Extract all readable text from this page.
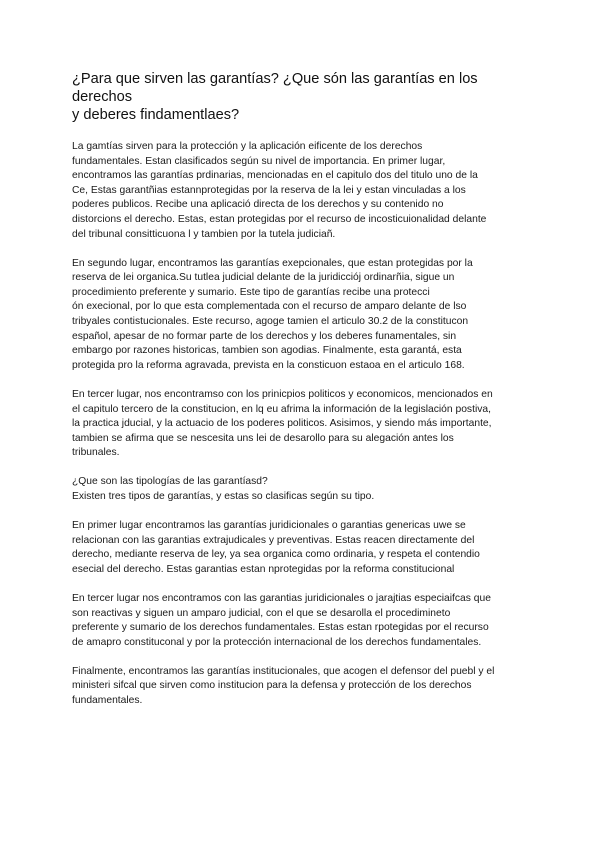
¿Para que sirven las garantías? ¿Que són las garantías en los derechos
y deberes findamentlaes?

La gamtías sirven para la protección y la aplicación eificente de los derechos
fundamentales. Estan clasificados según su nivel de importancia. En primer lugar,
encontramos las garantías prdinarias, mencionadas en el capitulo dos del titulo uno de la
Ce, Estas garantñias estannprotegidas por la reserva de la lei y estan vinculadas a los
poderes publicos. Recibe una aplicació directa de los derechos y su contenido no
distorcions el derecho. Estas, estan protegidas por el recurso de incosticuionalidad delante
del tribunal consitticuona l y tambien por la tutela judiciañ.

En segundo lugar, encontramos las garantías exepcionales, que estan protegidas por la
reserva de lei organica.Su tutlea judicial delante de la juridicciój ordinarñia, sigue un
procedimiento preferente y sumario. Este tipo de garantías recibe una protecci
ón execional, por lo que esta complementada con el recurso de amparo delante de lso
tribyales contistucionales. Este recurso, agoge tamien el articulo 30.2 de la constitucon
español, apesar de no formar parte de los derechos y los deberes funamentales, sin
embargo por razones historicas, tambien son agodias. Finalmente, esta garantá, esta
protegida pro la reforma agravada, prevista en la consticuon estaoa en el articulo 168.

En tercer lugar, nos encontramso con los prinicpios politicos y economicos, mencionados en
el capitulo tercero de la constitucion, en lq eu afrima la información de la legislación postiva,
la practica jducial, y la actuacio de los poderes politicos. Asisimos, y siendo más importante,
tambien se afirma que se nescesita uns lei de desarollo para su alegación antes los
tribunales.

¿Que son las tipologías de las garantíasd?
Existen tres tipos de garantías, y estas so clasificas según su tipo.

En primer lugar encontramos las garantías juridicionales o garantias genericas uwe se
relacionan con las garantias extrajudicales y preventivas. Estas reacen directamente del
derecho, mediante reserva de ley, ya sea organica como ordinaria, y respeta el contendio
esecial del derecho. Estas garantias estan nprotegidas por la reforma constitucional

En tercer lugar nos encontramos con las garantias juridicionales o jarajtias especiaifcas que
son reactivas y siguen un amparo judicial, con el que se desarolla el procedimineto
preferente y sumario de los derechos fundamentales. Estas estan rpotegidas por el recurso
de amapro constituconal y por la protección internacional de los derechos fundamentales.

Finalmente, encontramos las garantías institucionales, que acogen el defensor del puebl y el
ministeri sifcal que sirven como institucion para la defensa y protección de los derechos
fundamentales.
